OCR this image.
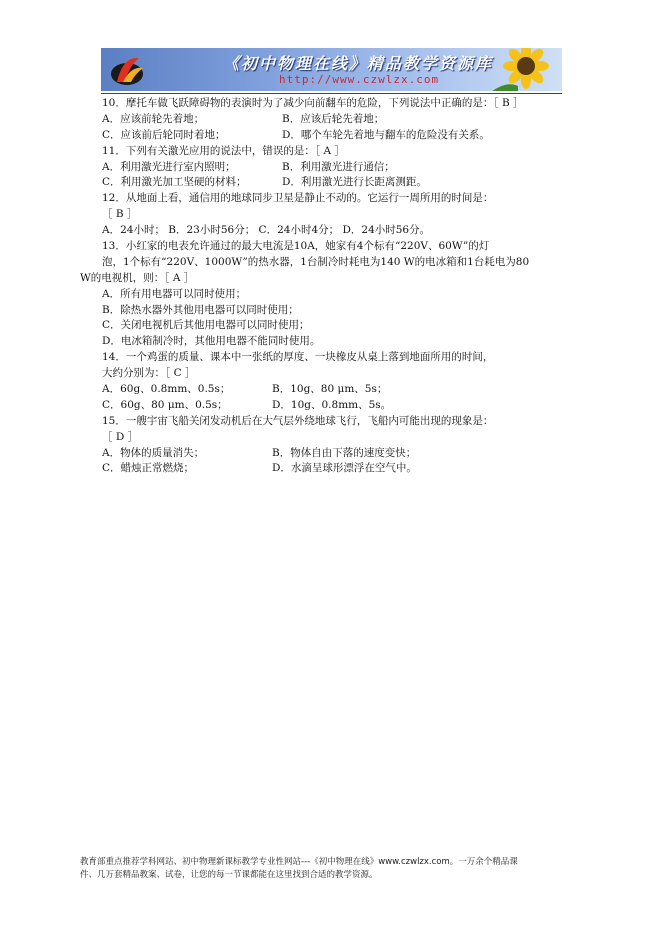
《初中物理在线》精品教学资源库
http://www.czwlzx.com
10．摩托车做飞跃障碍物的表演时为了减少向前翻车的危险，下列说法中正确的是：［ B ］
A．应该前轮先着地；	B．应该后轮先着地；
C．应该前后轮同时着地；	D．哪个车轮先着地与翻车的危险没有关系。
11．下列有关激光应用的说法中，错误的是：［ A ］
A．利用激光进行室内照明；	B．利用激光进行通信；
C．利用激光加工坚硬的材料；	D．利用激光进行长距离测距。
12．从地面上看，通信用的地球同步卫星是静止不动的。它运行一周所用的时间是：
［ B ］
A．24小时； B．23小时56分； C．24小时4分； D．24小时56分。
13．小红家的电表允许通过的最大电流是10A，她家有4个标有“220V、60W”的灯
泡，1个标有“220V、1000W”的热水器，1台制冷时耗电为140 W的电冰箱和1台耗电为80
W的电视机，则：［ A ］
A．所有用电器可以同时使用；
B．除热水器外其他用电器可以同时使用；
C．关闭电视机后其他用电器可以同时使用；
D．电冰箱制冷时，其他用电器不能同时使用。
14．一个鸡蛋的质量、课本中一张纸的厚度、一块橡皮从桌上落到地面所用的时间，
大约分别为：［ C ］
A．60g、0.8mm、0.5s；	B．10g、80 μm、5s；
C．60g、80 μm、0.5s；	D．10g、0.8mm、5s。
15．一艘宇宙飞船关闭发动机后在大气层外绕地球飞行，飞船内可能出现的现象是：
［ D ］
A．物体的质量消失；	B．物体自由下落的速度变快；
C．蜡烛正常燃烧；	D．水滴呈球形漂浮在空气中。
教育部重点推荐学科网站、初中物理新课标教学专业性网站---《初中物理在线》www.czwlzx.com。一万余个精品课
件、几万套精品教案、试卷，让您的每一节课都能在这里找到合适的教学资源。
